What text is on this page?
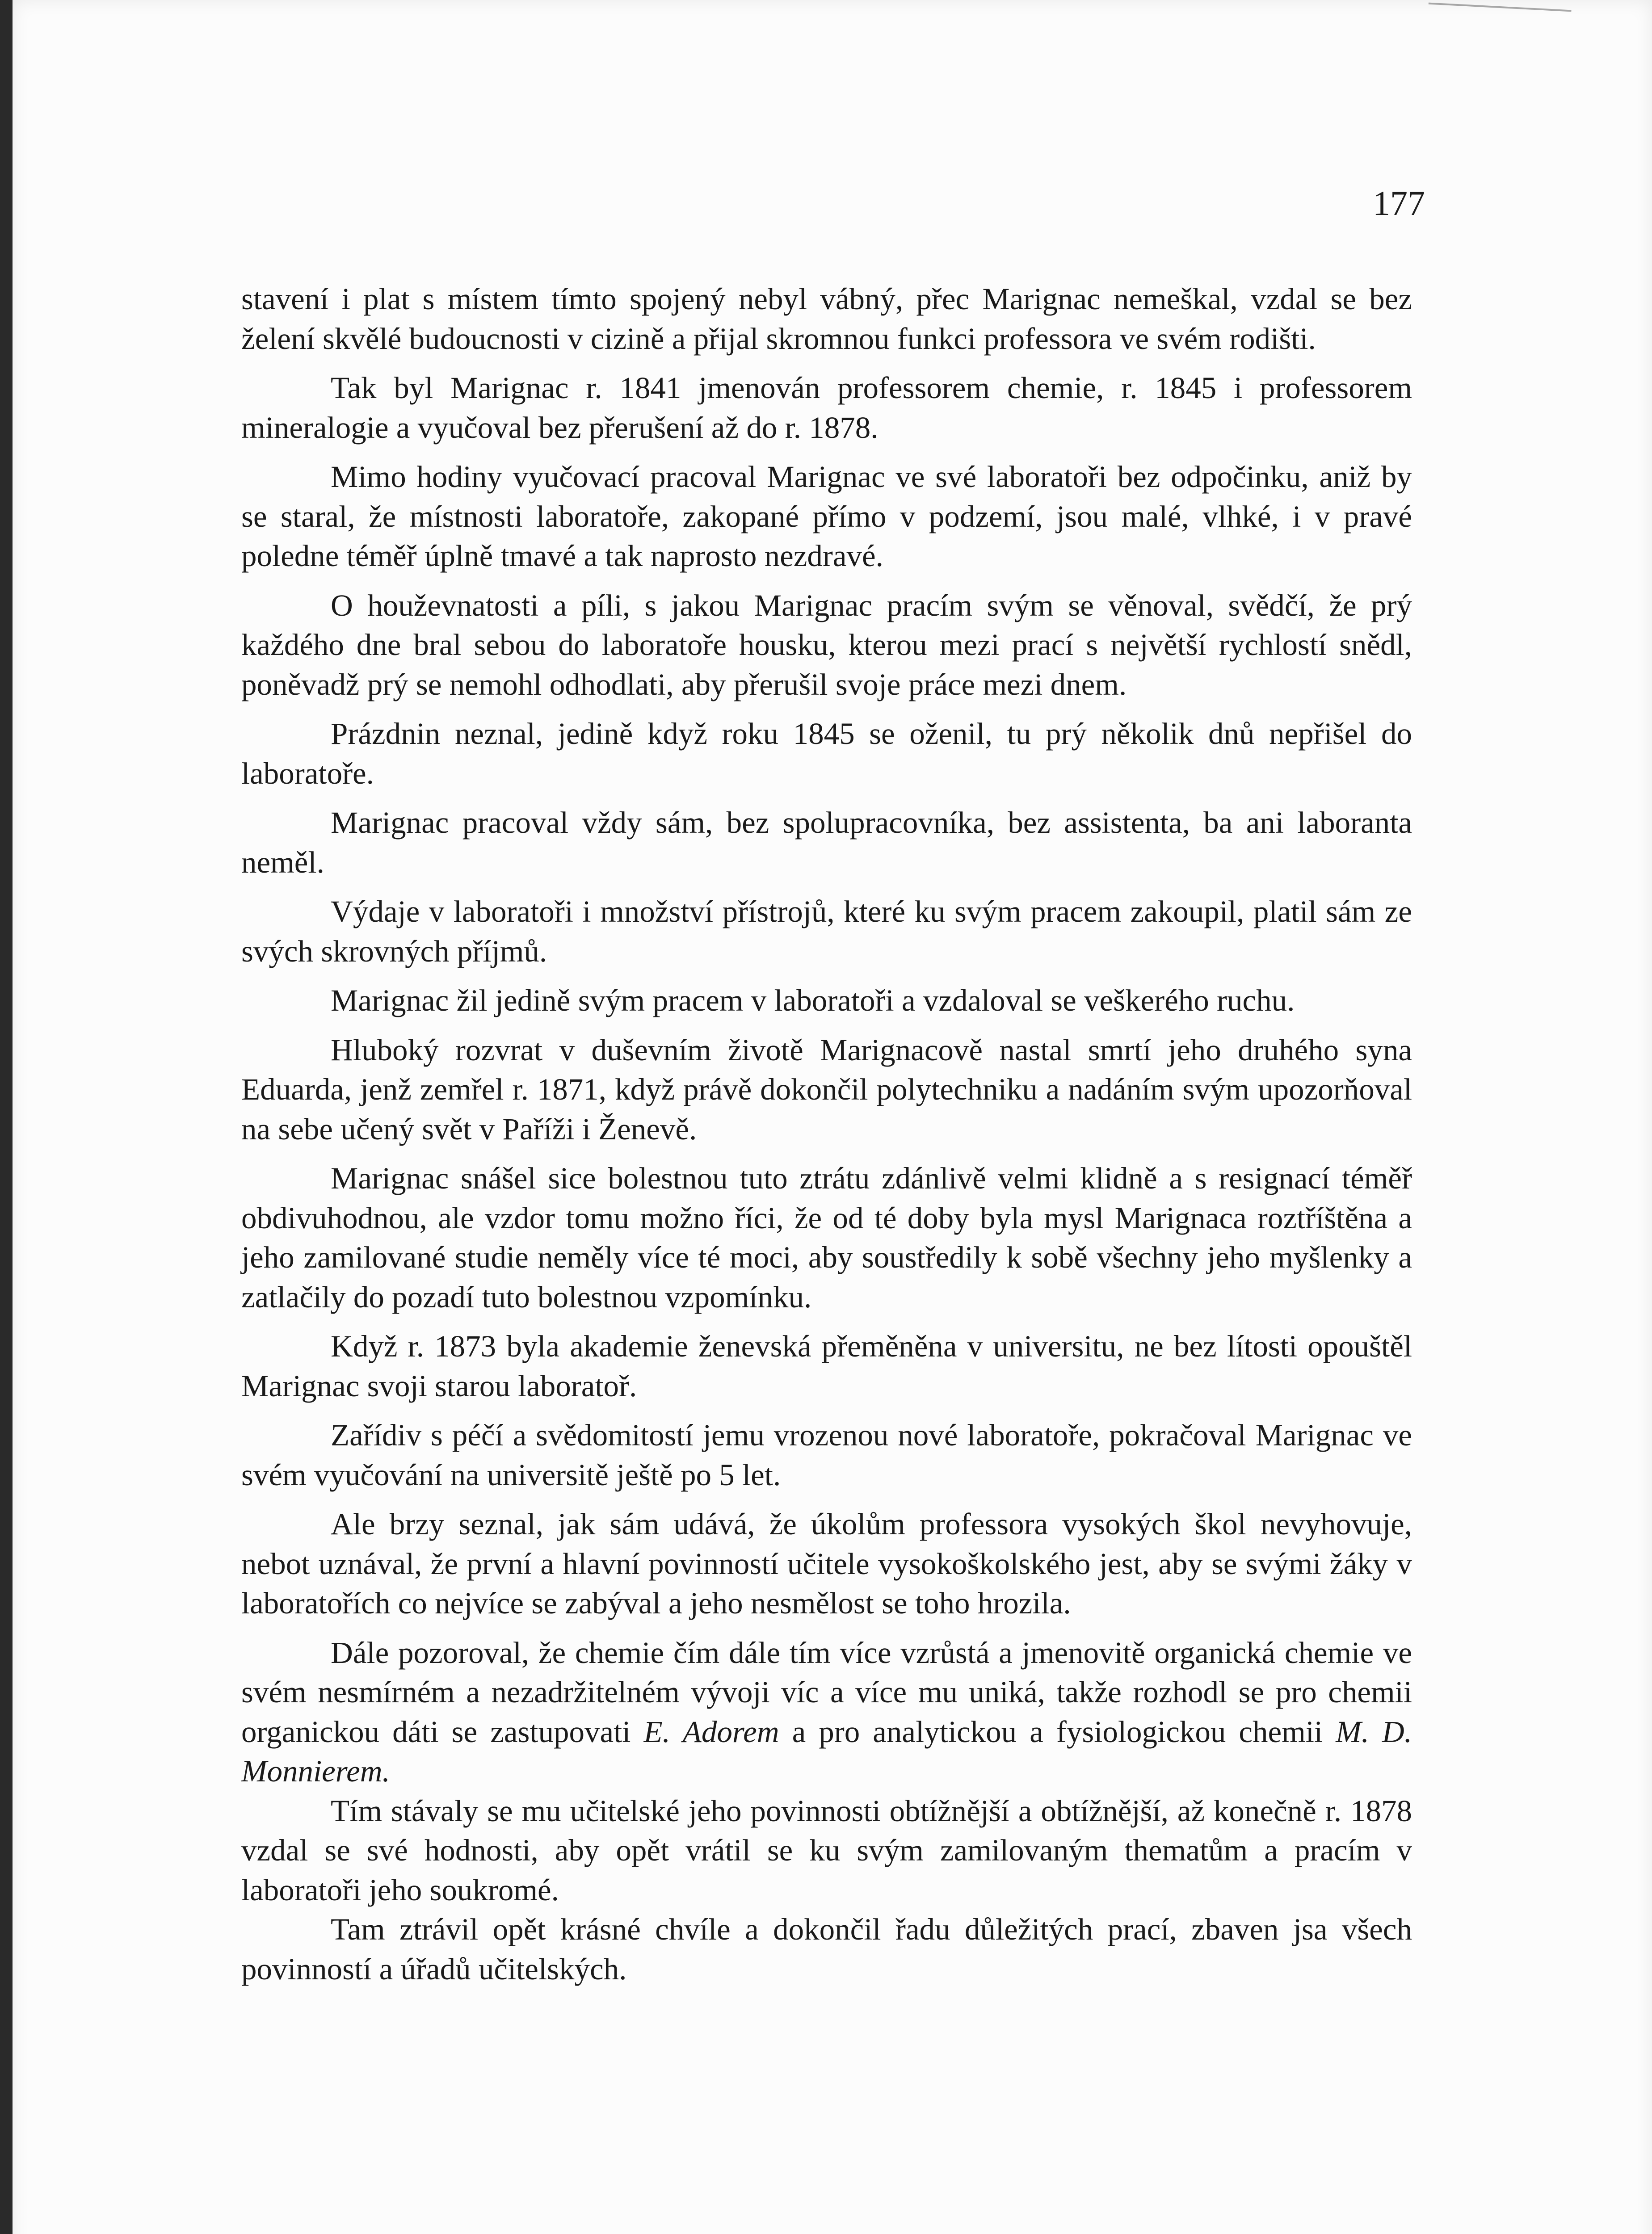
177

stavení i plat s místem tímto spojený nebyl vábný, přec Marignac nemeškal, vzdal se bez želení skvělé budoucnosti v cizině a přijal skromnou funkci professora ve svém rodišti.

Tak byl Marignac r. 1841 jmenován professorem chemie, r. 1845 i professorem mineralogie a vyučoval bez přerušení až do r. 1878.

Mimo hodiny vyučovací pracoval Marignac ve své laboratoři bez odpočinku, aniž by se staral, že místnosti laboratoře, zakopané přímo v podzemí, jsou malé, vlhké, i v pravé poledne téměř úplně tmavé a tak naprosto nezdravé.

O houževnatosti a píli, s jakou Marignac pracím svým se věnoval, svědčí, že prý každého dne bral sebou do laboratoře housku, kterou mezi prací s největší rychlostí snědl, poněvadž prý se nemohl odhodlati, aby přerušil svoje práce mezi dnem.

Prázdnin neznal, jedině když roku 1845 se oženil, tu prý několik dnů nepřišel do laboratoře.

Marignac pracoval vždy sám, bez spolupracovníka, bez assistenta, ba ani laboranta neměl.

Výdaje v laboratoři i množství přístrojů, které ku svým pracem zakoupil, platil sám ze svých skrovných příjmů.

Marignac žil jedině svým pracem v laboratoři a vzdaloval se veškerého ruchu.

Hluboký rozvrat v duševním životě Marignacově nastal smrtí jeho druhého syna Eduarda, jenž zemřel r. 1871, když právě dokončil polytechniku a nadáním svým upozorňoval na sebe učený svět v Paříži i Ženevě.

Marignac snášel sice bolestnou tuto ztrátu zdánlivě velmi klidně a s resignací téměř obdivuhodnou, ale vzdor tomu možno říci, že od té doby byla mysl Marignaca roztříštěna a jeho zamilované studie neměly více té moci, aby soustředily k sobě všechny jeho myšlenky a zatlačily do pozadí tuto bolestnou vzpomínku.

Když r. 1873 byla akademie ženevská přeměněna v universitu, ne bez lítosti opouštěl Marignac svoji starou laboratoř.

Zařídiv s péčí a svědomitostí jemu vrozenou nové laboratoře, pokračoval Marignac ve svém vyučování na universitě ještě po 5 let.

Ale brzy seznal, jak sám udává, že úkolům professora vysokých škol nevyhovuje, nebot uznával, že první a hlavní povinností učitele vysokoškolského jest, aby se svými žáky v laboratořích co nejvíce se zabýval a jeho nesmělost se toho hrozila.

Dále pozoroval, že chemie čím dále tím více vzrůstá a jmenovitě organická chemie ve svém nesmírném a nezadržitelném vývoji víc a více mu uniká, takže rozhodl se pro chemii organickou dáti se zastupovati E. Adorem a pro analytickou a fysiologickou chemii M. D. Monnierem.

Tím stávaly se mu učitelské jeho povinnosti obtížnější a obtížnější, až konečně r. 1878 vzdal se své hodnosti, aby opět vrátil se ku svým zamilovaným thematům a pracím v laboratoři jeho soukromé.

Tam ztrávil opět krásné chvíle a dokončil řadu důležitých prací, zbaven jsa všech povinností a úřadů učitelských.
